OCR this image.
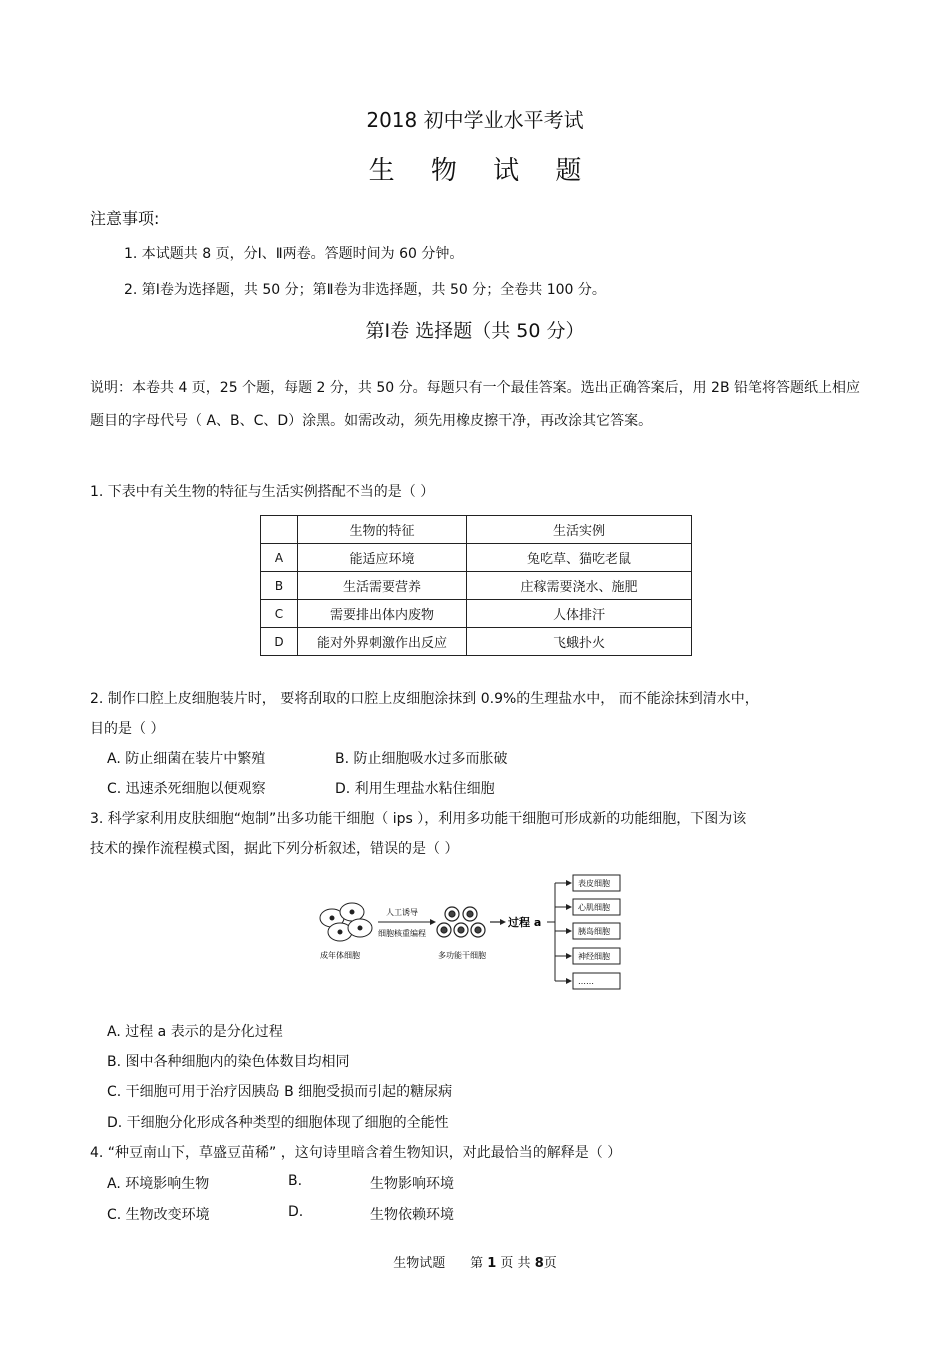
2018 初中学业水平考试
生 物 试 题
注意事项:
1. 本试题共 8 页，分Ⅰ、Ⅱ两卷。答题时间为 60 分钟。
2. 第Ⅰ卷为选择题，共 50 分；第Ⅱ卷为非选择题，共 50 分；全卷共 100 分。
第Ⅰ卷 选择题（共 50 分）
说明：本卷共 4 页，25 个题，每题 2 分，共 50 分。每题只有一个最佳答案。选出正确答案后，用 2B 铅笔将答题纸上相应题目的字母代号（ A、B、C、D）涂黑。如需改动，须先用橡皮擦干净，再改涂其它答案。
1. 下表中有关生物的特征与生活实例搭配不当的是（ ）
	生物的特征	生活实例
A	能适应环境	兔吃草、猫吃老鼠
B	生活需要营养	庄稼需要浇水、施肥
C	需要排出体内废物	人体排汗
D	能对外界刺激作出反应	飞蛾扑火
2. 制作口腔上皮细胞装片时， 要将刮取的口腔上皮细胞涂抹到 0.9%的生理盐水中， 而不能涂抹到清水中，
目的是（ ）
A. 防止细菌在装片中繁殖	B. 防止细胞吸水过多而胀破
C. 迅速杀死细胞以便观察	D. 利用生理盐水粘住细胞
3. 科学家利用皮肤细胞“炮制”出多功能干细胞（ ips ），利用多功能干细胞可形成新的功能细胞，下图为该
技术的操作流程模式图，据此下列分析叙述，错误的是（ ）
成年体细胞
人工诱导
细胞核重编程
多功能干细胞
过程 a
表皮细胞
心肌细胞
胰岛细胞
神经细胞
……
A. 过程 a 表示的是分化过程
B. 图中各种细胞内的染色体数目均相同
C. 干细胞可用于治疗因胰岛 B 细胞受损而引起的糖尿病
D. 干细胞分化形成各种类型的细胞体现了细胞的全能性
4. “种豆南山下，草盛豆苗稀” ，这句诗里暗含着生物知识，对此最恰当的解释是（ ）
A. 环境影响生物	B.	生物影响环境
C. 生物改变环境	D.	生物依赖环境
生物试题 第 1 页 共 8页
